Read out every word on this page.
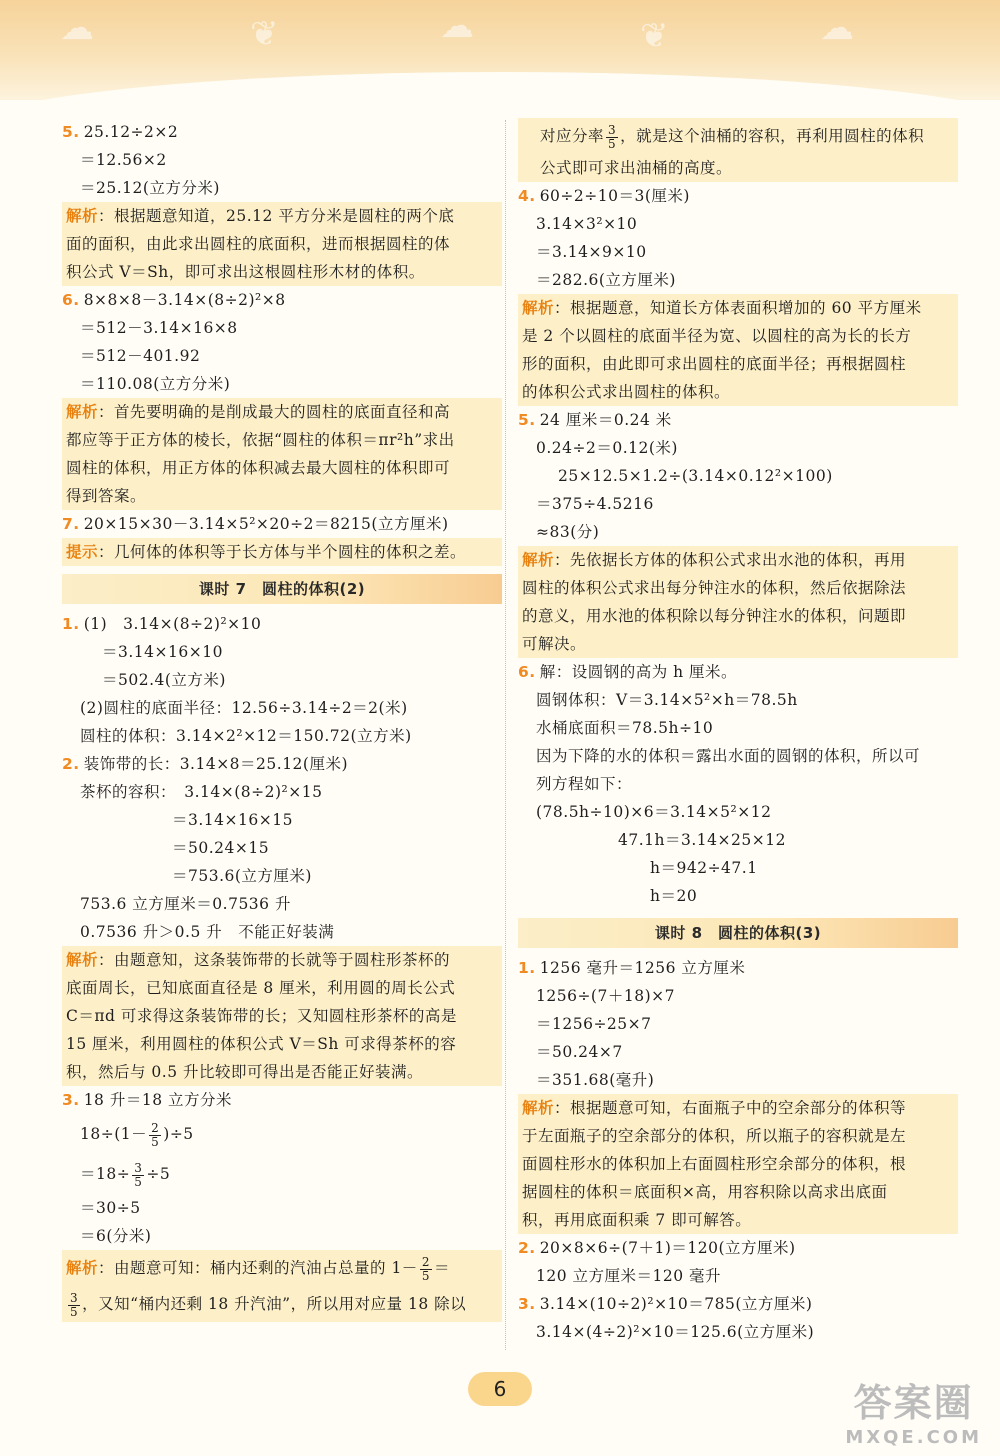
☁	❦	☁	❦	☁
5. 25.12÷2×2
＝12.56×2
＝25.12(立方分米)
解析：根据题意知道，25.12 平方分米是圆柱的两个底
面的面积，由此求出圆柱的底面积，进而根据圆柱的体
积公式 V＝Sh，即可求出这根圆柱形木材的体积。
6. 8×8×8－3.14×(8÷2)²×8
＝512－3.14×16×8
＝512－401.92
＝110.08(立方分米)
解析：首先要明确的是削成最大的圆柱的底面直径和高
都应等于正方体的棱长，依据“圆柱的体积＝πr²h”求出
圆柱的体积，用正方体的体积减去最大圆柱的体积即可
得到答案。
7. 20×15×30－3.14×5²×20÷2＝8215(立方厘米)
提示：几何体的体积等于长方体与半个圆柱的体积之差。
课时 7　圆柱的体积(2)
1. (1)　3.14×(8÷2)²×10
＝3.14×16×10
＝502.4(立方米)
(2)圆柱的底面半径：12.56÷3.14÷2＝2(米)
圆柱的体积：3.14×2²×12＝150.72(立方米)
2. 装饰带的长：3.14×8＝25.12(厘米)
茶杯的容积：　3.14×(8÷2)²×15
＝3.14×16×15
＝50.24×15
＝753.6(立方厘米)
753.6 立方厘米＝0.7536 升
0.7536 升＞0.5 升　不能正好装满
解析：由题意知，这条装饰带的长就等于圆柱形茶杯的
底面周长，已知底面直径是 8 厘米，利用圆的周长公式
C＝πd 可求得这条装饰带的长；又知圆柱形茶杯的高是
15 厘米，利用圆柱的体积公式 V＝Sh 可求得茶杯的容
积，然后与 0.5 升比较即可得出是否能正好装满。
3. 18 升＝18 立方分米
$18\div(1- \frac{2}{5} )\div 5$
$=18\div \frac{3}{5} \div 5$
＝30÷5
＝6(分米)
解析：由题意可知：桶内还剩的汽油占总量的 $1- \frac{2}{5}$ ＝
$\frac{3}{5}$ ，又知“桶内还剩 18 升汽油”，所以用对应量 18 除以
对应分率 $\frac{3}{5}$ ，就是这个油桶的容积，再利用圆柱的体积
公式即可求出油桶的高度。
4. 60÷2÷10＝3(厘米)
3.14×3²×10
＝3.14×9×10
＝282.6(立方厘米)
解析：根据题意，知道长方体表面积增加的 60 平方厘米
是 2 个以圆柱的底面半径为宽、以圆柱的高为长的长方
形的面积，由此即可求出圆柱的底面半径；再根据圆柱
的体积公式求出圆柱的体积。
5. 24 厘米＝0.24 米
0.24÷2＝0.12(米)
25×12.5×1.2÷(3.14×0.12²×100)
＝375÷4.5216
≈83(分)
解析：先依据长方体的体积公式求出水池的体积，再用
圆柱的体积公式求出每分钟注水的体积，然后依据除法
的意义，用水池的体积除以每分钟注水的体积，问题即
可解决。
6. 解：设圆钢的高为 h 厘米。
圆钢体积：V＝3.14×5²×h＝78.5h
水桶底面积＝78.5h÷10
因为下降的水的体积＝露出水面的圆钢的体积，所以可
列方程如下：
(78.5h÷10)×6＝3.14×5²×12
47.1h＝3.14×25×12
h＝942÷47.1
h＝20
课时 8　圆柱的体积(3)
1. 1256 毫升＝1256 立方厘米
1256÷(7＋18)×7
＝1256÷25×7
＝50.24×7
＝351.68(毫升)
解析：根据题意可知，右面瓶子中的空余部分的体积等
于左面瓶子的空余部分的体积，所以瓶子的容积就是左
面圆柱形水的体积加上右面圆柱形空余部分的体积，根
据圆柱的体积＝底面积×高，用容积除以高求出底面
积，再用底面积乘 7 即可解答。
2. 20×8×6÷(7＋1)＝120(立方厘米)
120 立方厘米＝120 毫升
3. 3.14×(10÷2)²×10＝785(立方厘米)
3.14×(4÷2)²×10＝125.6(立方厘米)
6	答案圈
MXQE.COM
